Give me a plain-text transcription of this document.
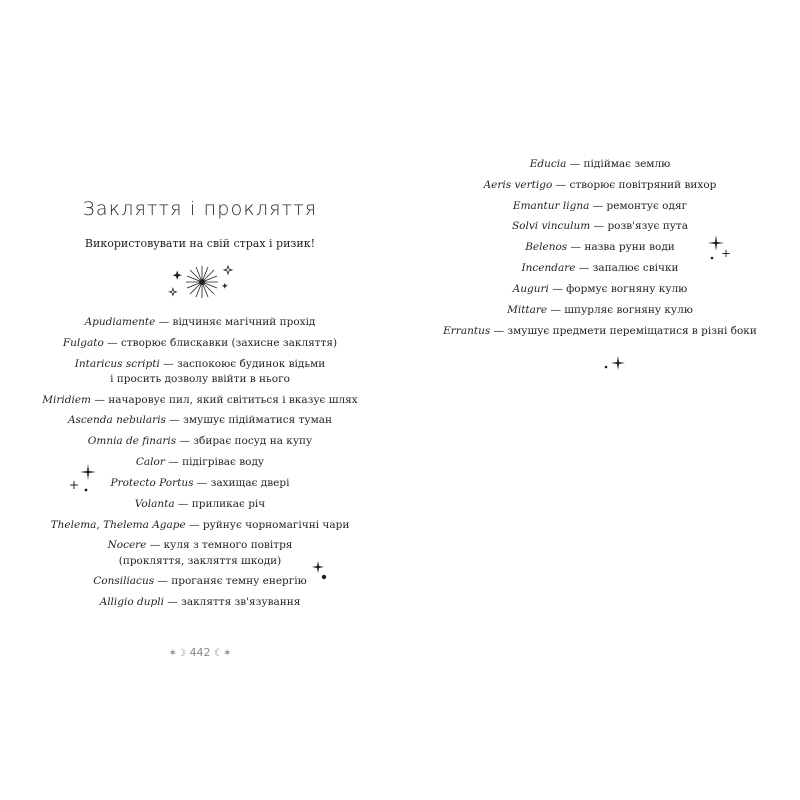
Закляття і прокляття
Використовувати на свій страх і ризик!
Apudiamente — відчиняє магічний прохід
Fulgato — створює блискавки (захисне закляття)
Intaricus scripti — заспокоює будинок відьми
і просить дозволу ввійти в нього
Miridiem — начаровує пил, який світиться і вказує шлях
Ascenda nebularis — змушує підійматися туман
Omnia de finaris — збирає посуд на купу
Calor — підігріває воду
Protecto Portus — захищає двері
Volanta — приликає річ
Thelema, Thelema Agape — руйнує чорномагічні чари
Nocere — куля з темного повітря
(прокляття, закляття шкоди)
Consiliacus — проганяє темну енергію
Alligio dupli — закляття зв'язування
✶☽ 442 ☾✶
Educia — підіймає землю
Aeris vertigo — створює повітряний вихор
Emantur ligna — ремонтує одяг
Solvi vinculum — розв'язує пута
Belenos — назва руни води
Incendare — запалює свічки
Auguri — формує вогняну кулю
Mittare — шпурляє вогняну кулю
Errantus — змушує предмети переміщатися в різні боки
